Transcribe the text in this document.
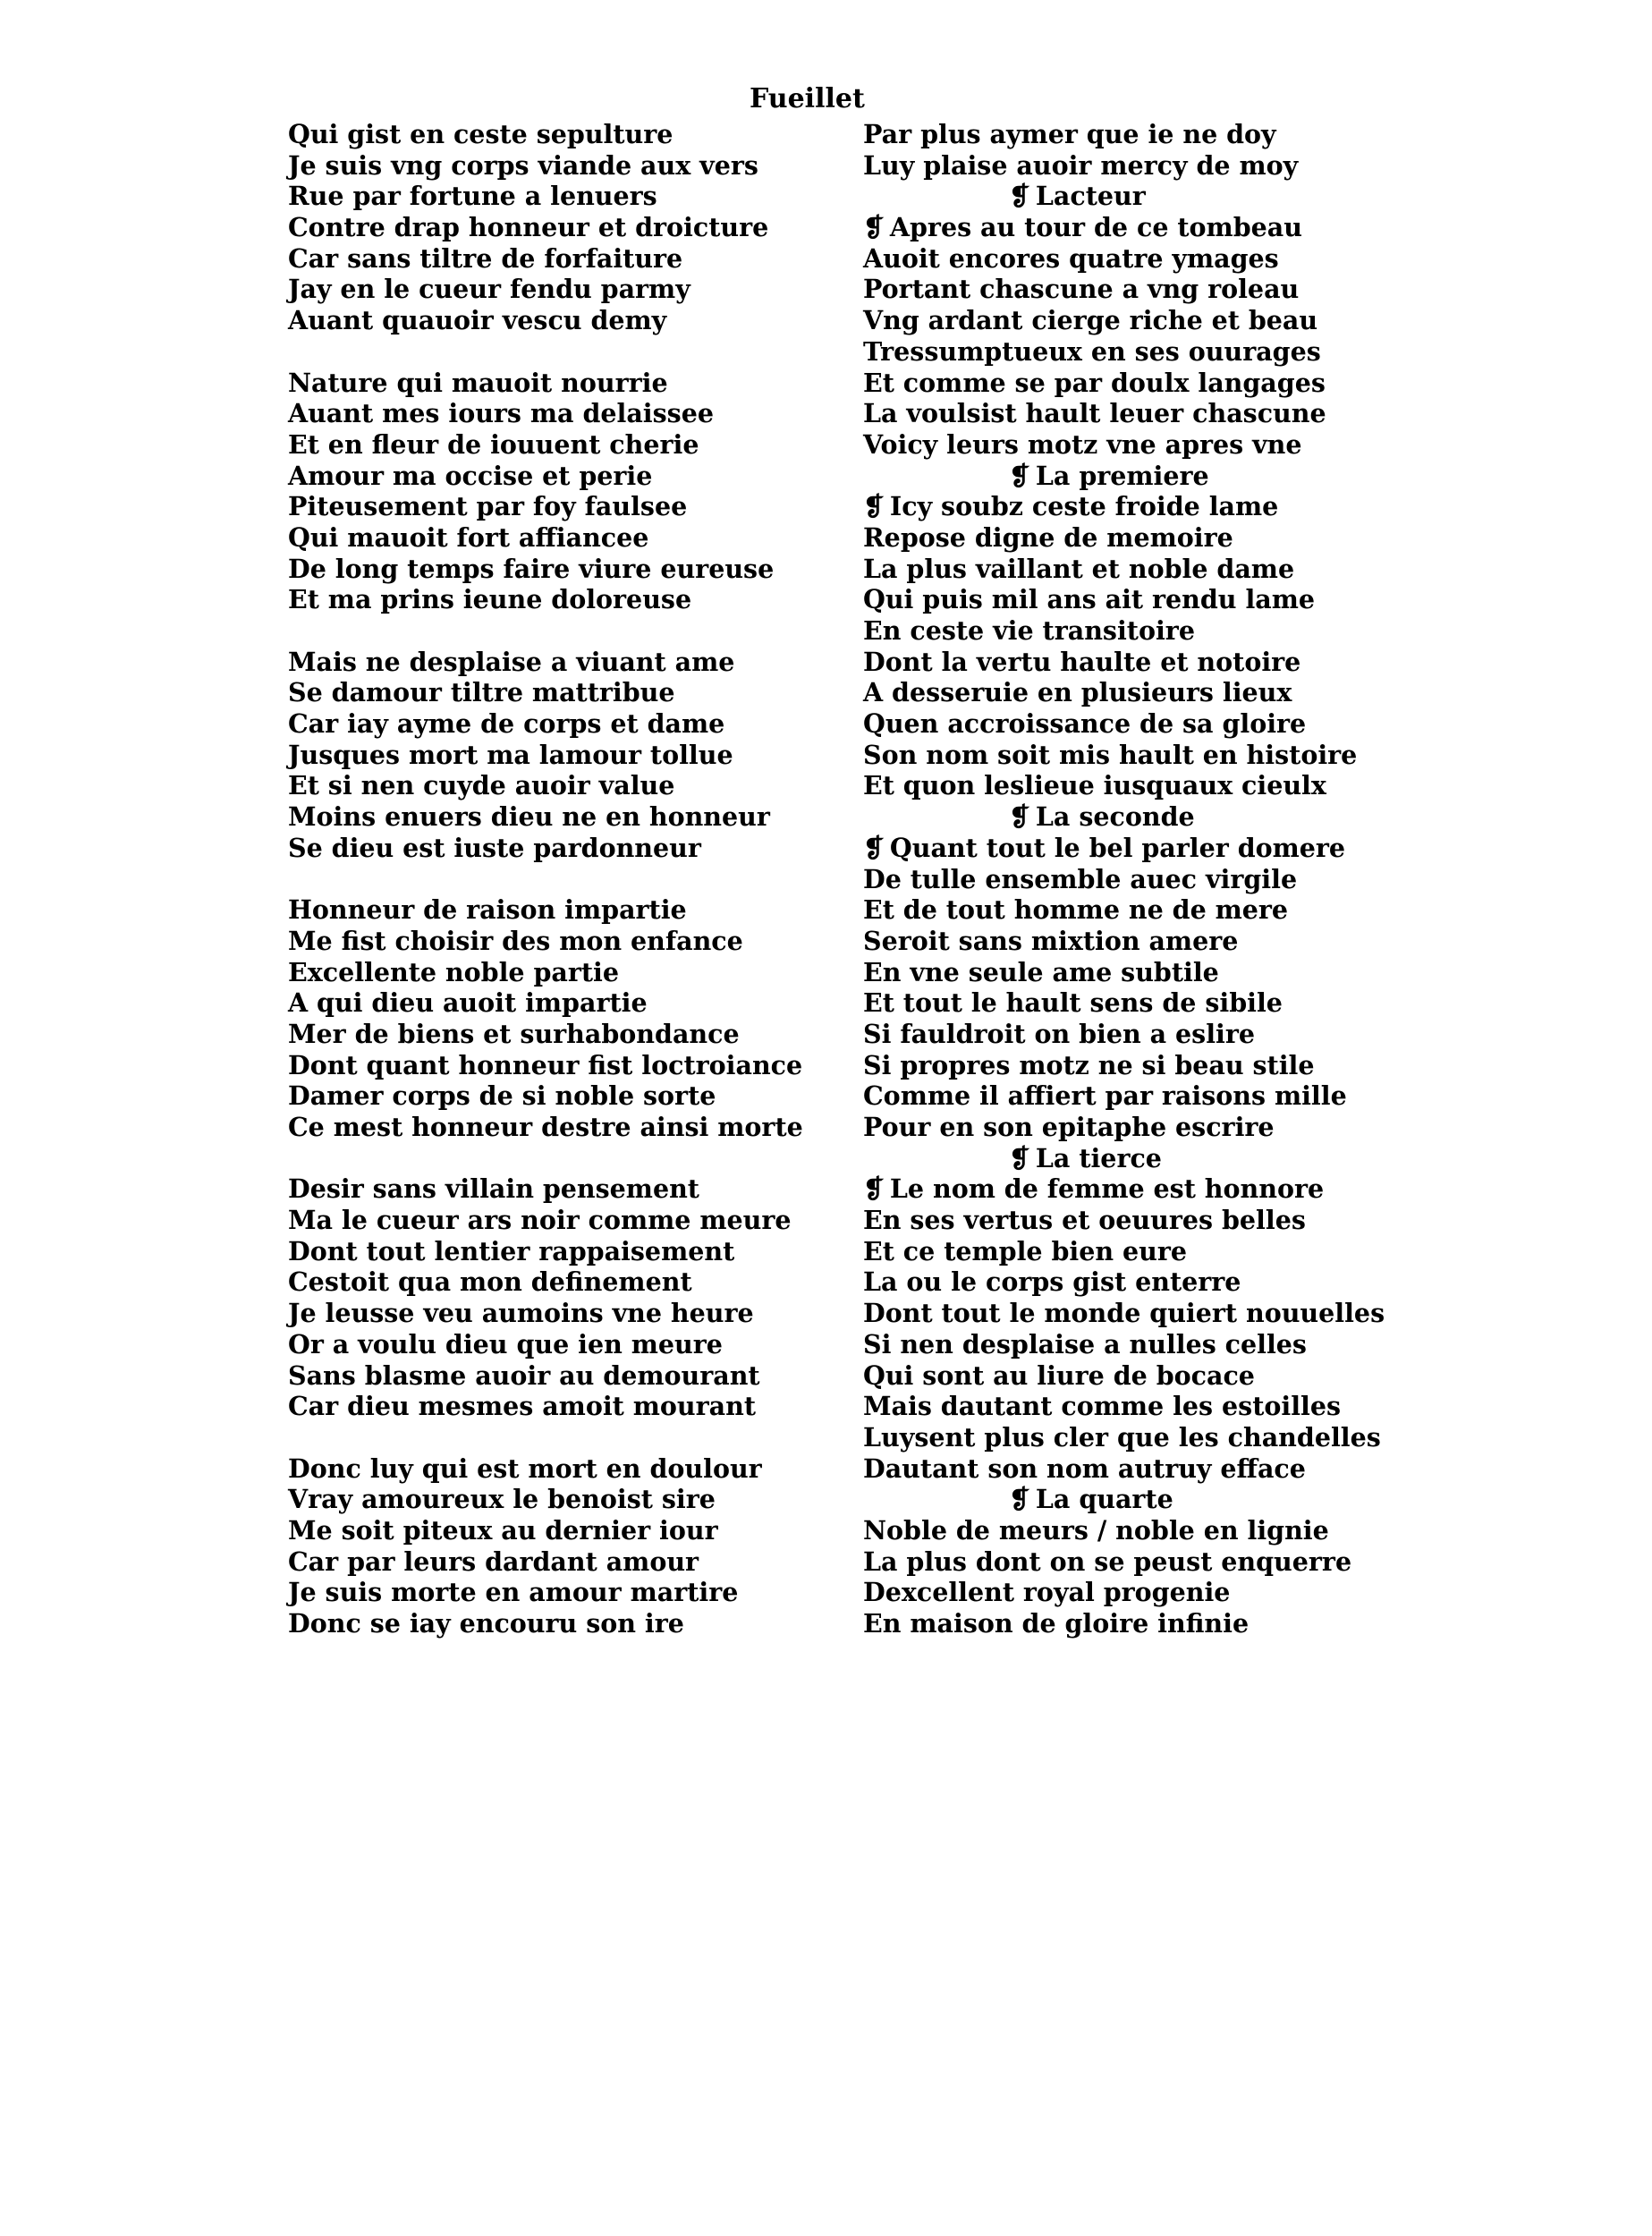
Fueillet
Qui gist en ceste sepulture
Je suis vng corps viande aux vers
Rue par fortune a lenuers
Contre drap honneur et droicture
Car sans tiltre de forfaiture
Jay en le cueur fendu parmy
Auant quauoir vescu demy
Nature qui mauoit nourrie
Auant mes iours ma delaissee
Et en fleur de iouuent cherie
Amour ma occise et perie
Piteusement par foy faulsee
Qui mauoit fort affiancee
De long temps faire viure eureuse
Et ma prins ieune doloreuse
Mais ne desplaise a viuant ame
Se damour tiltre mattribue
Car iay ayme de corps et dame
Jusques mort ma lamour tollue
Et si nen cuyde auoir value
Moins enuers dieu ne en honneur
Se dieu est iuste pardonneur
Honneur de raison impartie
Me fist choisir des mon enfance
Excellente noble partie
A qui dieu auoit impartie
Mer de biens et surhabondance
Dont quant honneur fist loctroiance
Damer corps de si noble sorte
Ce mest honneur destre ainsi morte
Desir sans villain pensement
Ma le cueur ars noir comme meure
Dont tout lentier rappaisement
Cestoit qua mon definement
Je leusse veu aumoins vne heure
Or a voulu dieu que ien meure
Sans blasme auoir au demourant
Car dieu mesmes amoit mourant
Donc luy qui est mort en doulour
Vray amoureux le benoist sire
Me soit piteux au dernier iour
Car par leurs dardant amour
Je suis morte en amour martire
Donc se iay encouru son ire
Par plus aymer que ie ne doy
Luy plaise auoir mercy de moy
❡ Lacteur
❡ Apres au tour de ce tombeau
Auoit encores quatre ymages
Portant chascune a vng roleau
Vng ardant cierge riche et beau
Tressumptueux en ses ouurages
Et comme se par doulx langages
La voulsist hault leuer chascune
Voicy leurs motz vne apres vne
❡ La premiere
❡ Icy soubz ceste froide lame
Repose digne de memoire
La plus vaillant et noble dame
Qui puis mil ans ait rendu lame
En ceste vie transitoire
Dont la vertu haulte et notoire
A desseruie en plusieurs lieux
Quen accroissance de sa gloire
Son nom soit mis hault en histoire
Et quon leslieue iusquaux cieulx
❡ La seconde
❡ Quant tout le bel parler domere
De tulle ensemble auec virgile
Et de tout homme ne de mere
Seroit sans mixtion amere
En vne seule ame subtile
Et tout le hault sens de sibile
Si fauldroit on bien a eslire
Si propres motz ne si beau stile
Comme il affiert par raisons mille
Pour en son epitaphe escrire
❡ La tierce
❡ Le nom de femme est honnore
En ses vertus et oeuures belles
Et ce temple bien eure
La ou le corps gist enterre
Dont tout le monde quiert nouuelles
Si nen desplaise a nulles celles
Qui sont au liure de bocace
Mais dautant comme les estoilles
Luysent plus cler que les chandelles
Dautant son nom autruy efface
❡ La quarte
Noble de meurs / noble en lignie
La plus dont on se peust enquerre
Dexcellent royal progenie
En maison de gloire infinie
